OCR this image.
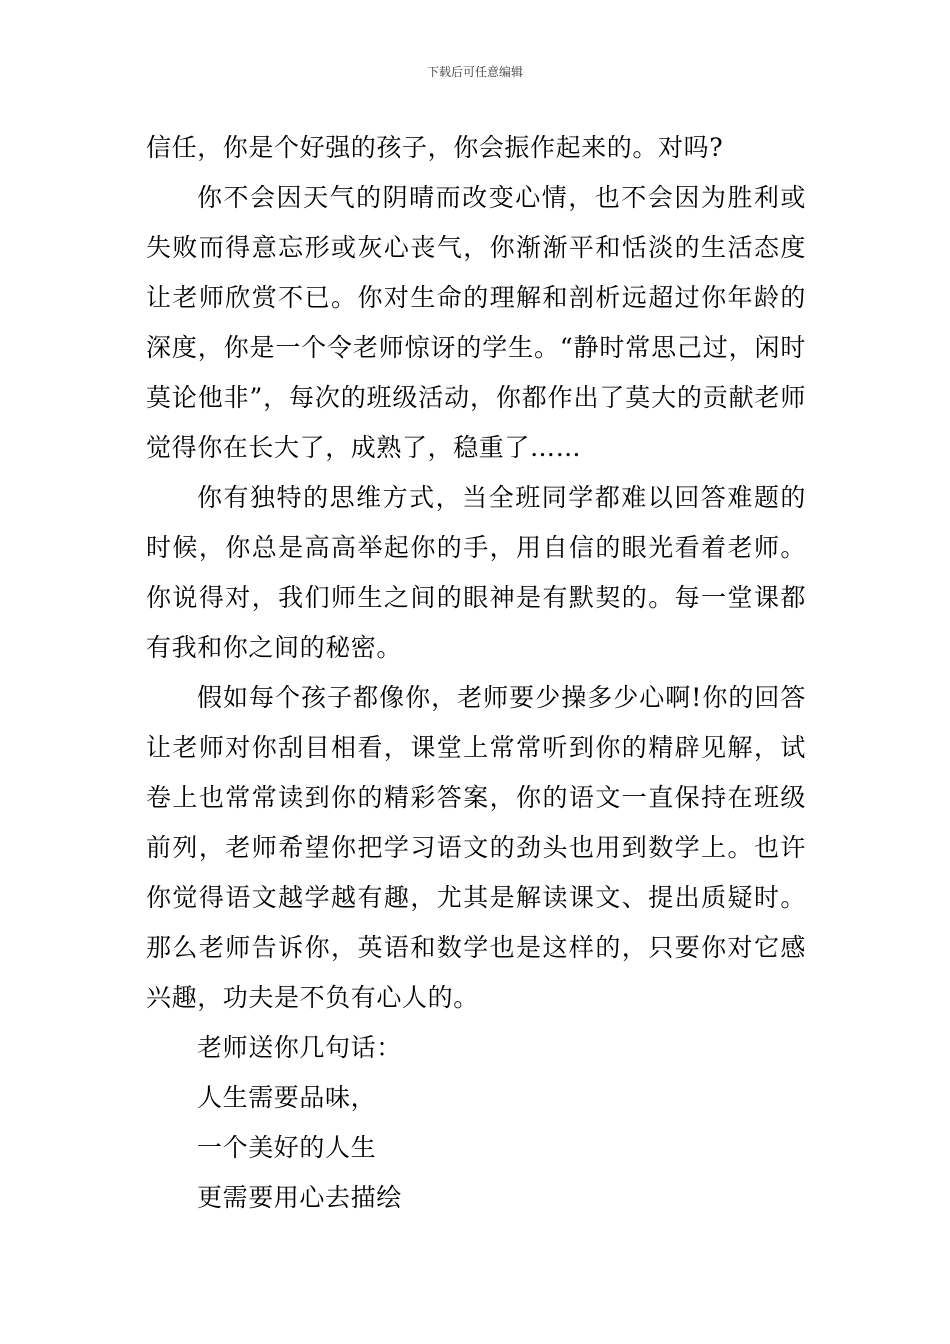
下载后可任意编辑

信任，你是个好强的孩子，你会振作起来的。对吗?

你不会因天气的阴晴而改变心情，也不会因为胜利或失败而得意忘形或灰心丧气，你渐渐平和恬淡的生活态度让老师欣赏不已。你对生命的理解和剖析远超过你年龄的深度，你是一个令老师惊讶的学生。“静时常思己过，闲时莫论他非”，每次的班级活动，你都作出了莫大的贡献老师觉得你在长大了，成熟了，稳重了……

你有独特的思维方式，当全班同学都难以回答难题的时候，你总是高高举起你的手，用自信的眼光看着老师。你说得对，我们师生之间的眼神是有默契的。每一堂课都有我和你之间的秘密。

假如每个孩子都像你，老师要少操多少心啊!你的回答让老师对你刮目相看，课堂上常常听到你的精辟见解，试卷上也常常读到你的精彩答案，你的语文一直保持在班级前列，老师希望你把学习语文的劲头也用到数学上。也许你觉得语文越学越有趣，尤其是解读课文、提出质疑时。那么老师告诉你，英语和数学也是这样的，只要你对它感兴趣，功夫是不负有心人的。

老师送你几句话：

人生需要品味，

一个美好的人生

更需要用心去描绘
